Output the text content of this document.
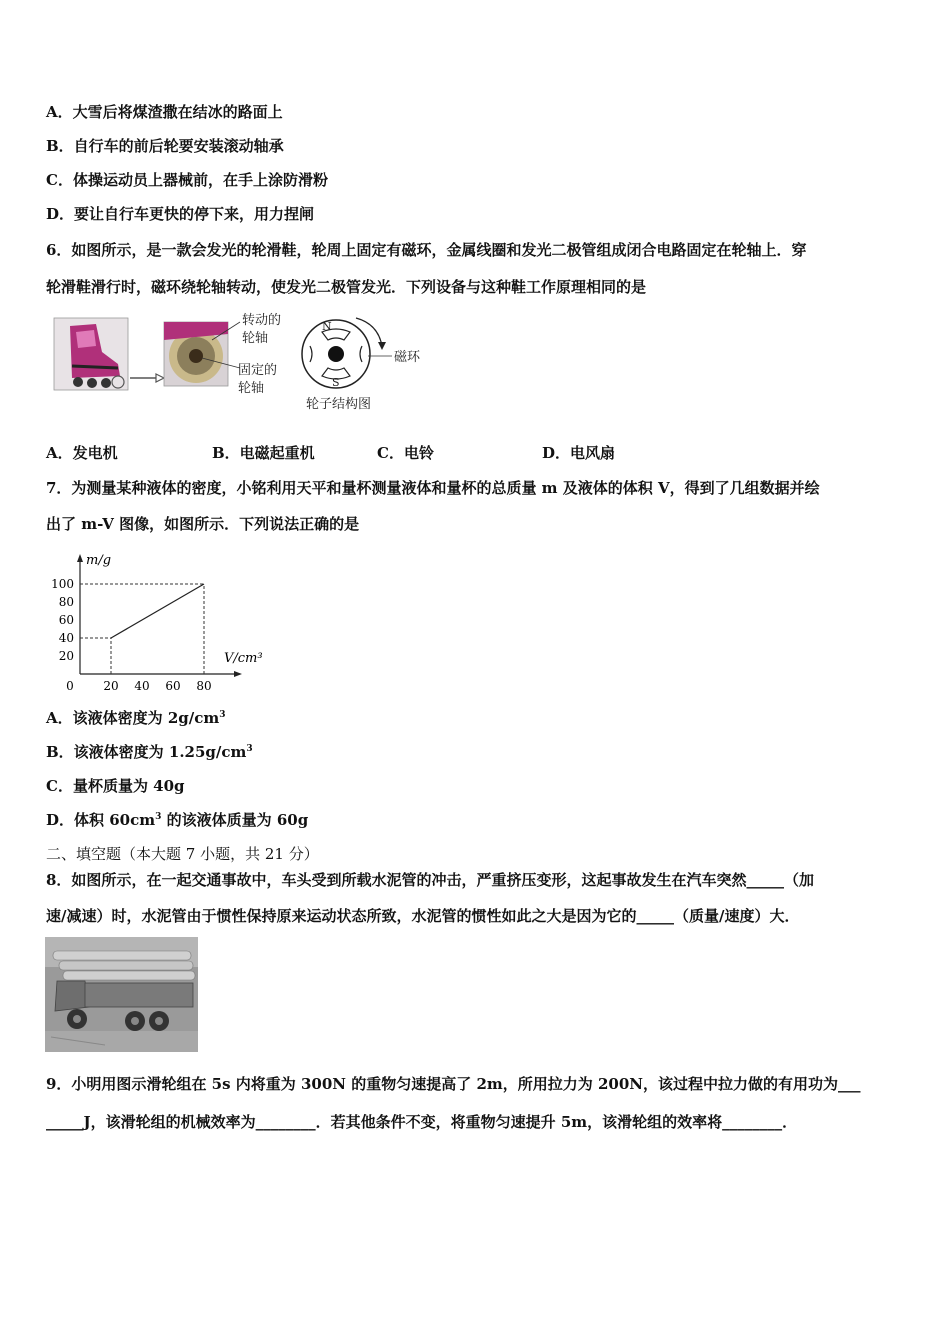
A．大雪后将煤渣撒在结冰的路面上
B．自行车的前后轮要安装滚动轴承
C．体操运动员上器械前，在手上涂防滑粉
D．要让自行车更快的停下来，用力捏闸
6．如图所示，是一款会发光的轮滑鞋，轮周上固定有磁环，金属线圈和发光二极管组成闭合电路固定在轮轴上．穿
轮滑鞋滑行时，磁环绕轮轴转动，使发光二极管发光．下列设备与这种鞋工作原理相同的是
转动的
轮轴
固定的
轮轴
N
S
磁环
轮子结构图
A．发电机	B．电磁起重机	C．电铃	D．电风扇
7．为测量某种液体的密度，小铭利用天平和量杯测量液体和量杯的总质量 m 及液体的体积 V，得到了几组数据并绘
出了 m-V 图像，如图所示．下列说法正确的是
20
40
60
80
100
0 20 40 60 80
m/g
V/cm³
A．该液体密度为 $2g/cm^3$
B．该液体密度为 $1.25g/cm^3$
C．量杯质量为 40g
D．体积 $60cm^3$ 的该液体质量为 60g
二、填空题（本大题 7 小题，共 21 分）
8．如图所示，在一起交通事故中，车头受到所载水泥管的冲击，严重挤压变形，这起事故发生在汽车突然_____（加
速/减速）时，水泥管由于惯性保持原来运动状态所致，水泥管的惯性如此之大是因为它的_____（质量/速度）大．
9．小明用图示滑轮组在 5s 内将重为 300N 的重物匀速提高了 2m，所用拉力为 200N，该过程中拉力做的有用功为___
_____J，该滑轮组的机械效率为________．若其他条件不变，将重物匀速提升 5m，该滑轮组的效率将________．
